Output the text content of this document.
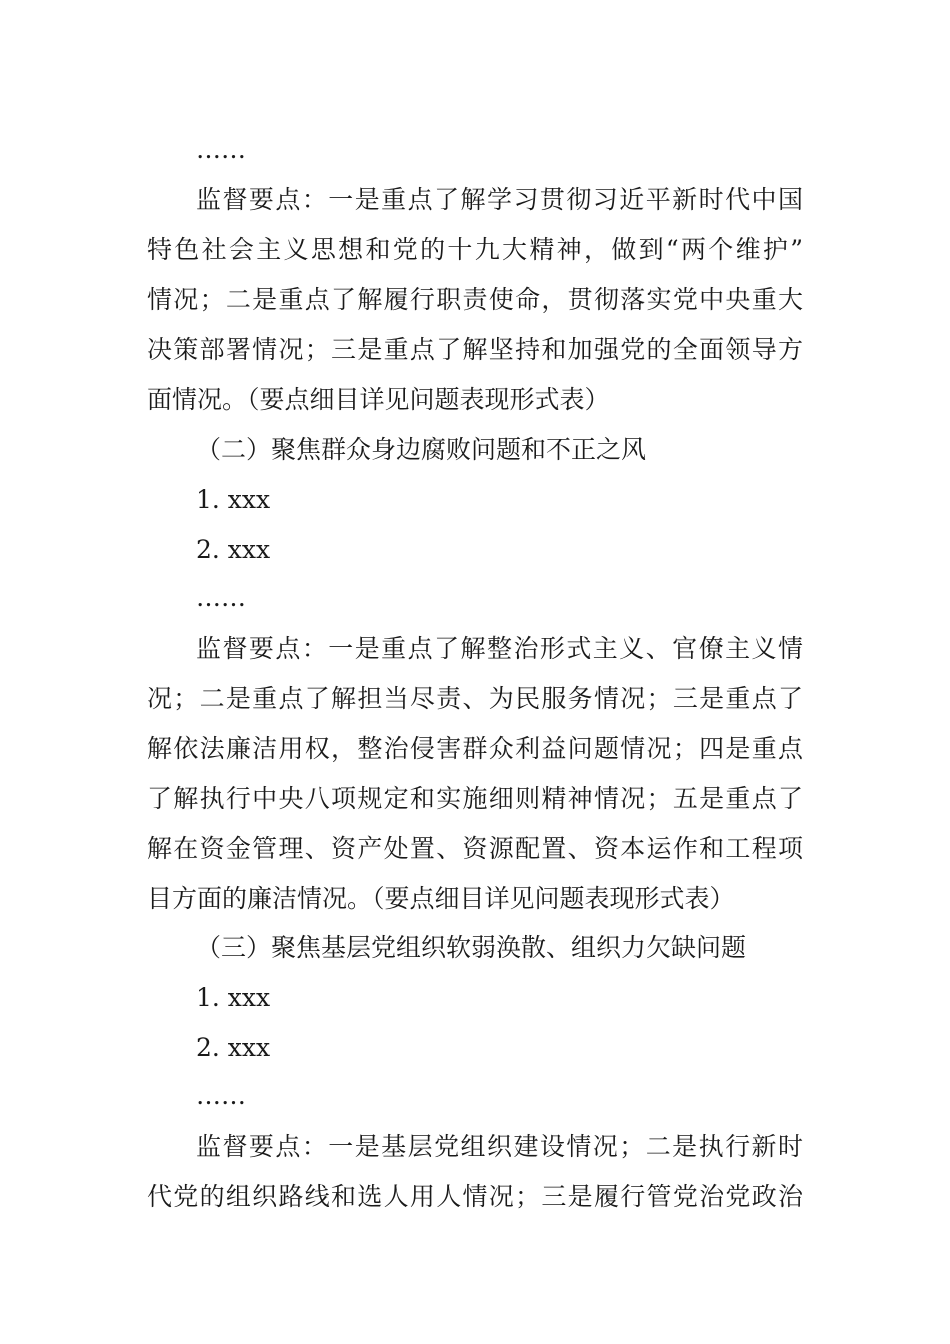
……
监督要点：一是重点了解学习贯彻习近平新时代中国
特色社会主义思想和党的十九大精神，做到“两个维护”
情况；二是重点了解履行职责使命，贯彻落实党中央重大
决策部署情况；三是重点了解坚持和加强党的全面领导方
面情况。（要点细目详见问题表现形式表）
（二）聚焦群众身边腐败问题和不正之风
1. xxx
2. xxx
……
监督要点：一是重点了解整治形式主义、官僚主义情
况；二是重点了解担当尽责、为民服务情况；三是重点了
解依法廉洁用权，整治侵害群众利益问题情况；四是重点
了解执行中央八项规定和实施细则精神情况；五是重点了
解在资金管理、资产处置、资源配置、资本运作和工程项
目方面的廉洁情况。（要点细目详见问题表现形式表）
（三）聚焦基层党组织软弱涣散、组织力欠缺问题
1. xxx
2. xxx
……
监督要点：一是基层党组织建设情况；二是执行新时
代党的组织路线和选人用人情况；三是履行管党治党政治
